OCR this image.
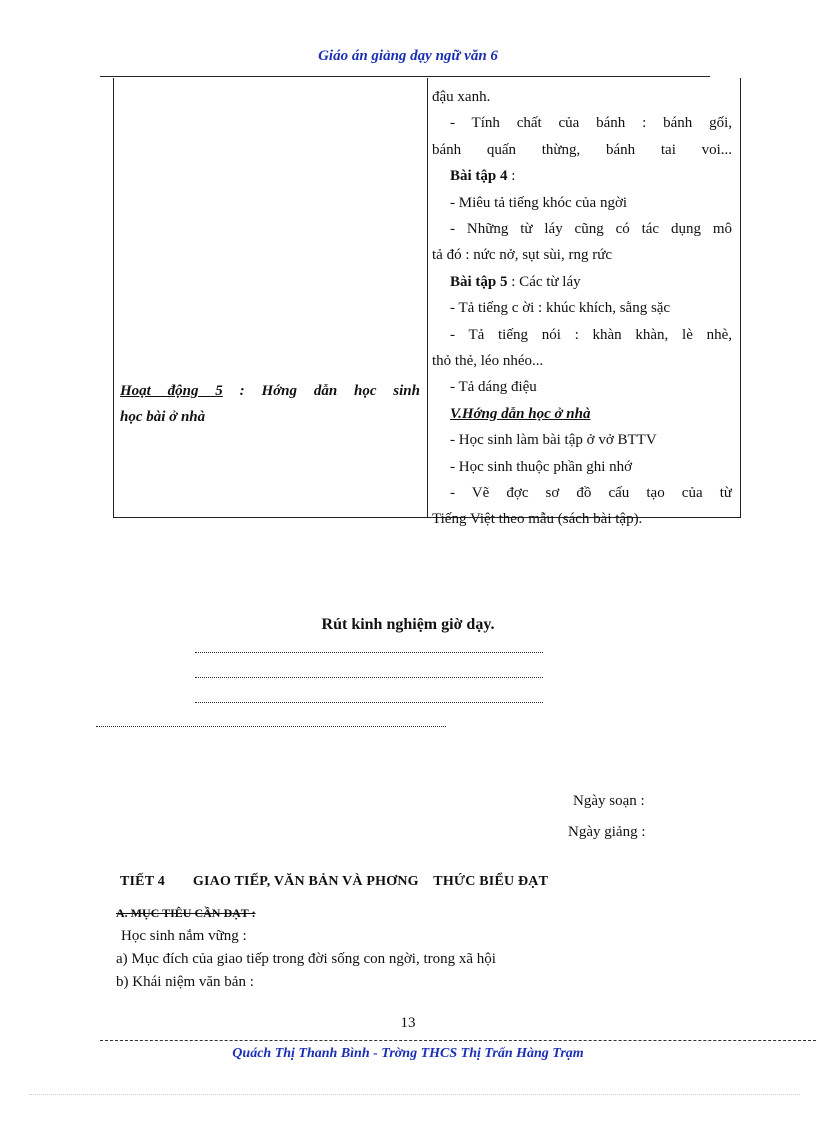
Giáo án giảng dạy ngữ văn 6
Hoạt động 5 : Hớng dẫn học sinh
học bài ở nhà
đậu xanh.
- Tính chất của bánh : bánh gối,
bánh quấn thừng, bánh tai voi...
Bài tập 4 :
- Miêu tả tiếng khóc của ngời
- Những từ láy cũng có tác dụng mô
tả đó : nức nở, sụt sùi, rng rức
Bài tập 5 : Các từ láy
- Tả tiếng c ời : khúc khích, sằng sặc
- Tả tiếng nói : khàn khàn, lè nhè,
thỏ thẻ, léo nhéo...
- Tả dáng điệu
V.Hớng dẫn học ở nhà
- Học sinh làm bài tập ở vở BTTV
- Học sinh thuộc phần ghi nhớ
- Vẽ đợc sơ đồ cấu tạo của từ
Tiếng Việt theo mẫu (sách bài tập).
Rút kinh nghiệm giờ dạy.
Ngày soạn :
Ngày giảng :
TIẾT 4 GIAO TIẾP, VĂN BẢN VÀ PHƠNG    THỨC BIỂU ĐẠT
A. MỤC TIÊU CẦN ĐẠT :
Học sinh nắm vững :
a) Mục đích của giao tiếp trong đời sống con ngời, trong xã hội
b) Khái niệm văn bản :
13
Quách Thị Thanh Bình - Trờng THCS Thị Trấn Hàng Trạm
